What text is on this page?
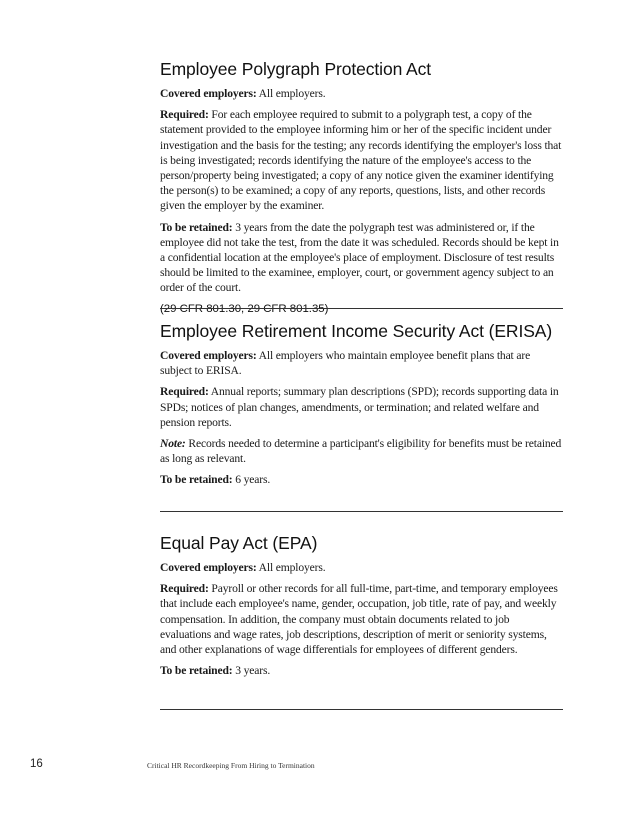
Employee Polygraph Protection Act

Covered employers: All employers.

Required: For each employee required to submit to a polygraph test, a copy of the statement provided to the employee informing him or her of the specific incident under investigation and the basis for the testing; any records identifying the employer's loss that is being investigated; records identifying the nature of the employee's access to the person/property being investigated; a copy of any notice given the examiner identifying the person(s) to be examined; a copy of any reports, questions, lists, and other records given the employer by the examiner.

To be retained: 3 years from the date the polygraph test was administered or, if the employee did not take the test, from the date it was scheduled. Records should be kept in a confidential location at the employee's place of employment. Disclosure of test results should be limited to the examinee, employer, court, or government agency subject to an order of the court.

(29 CFR 801.30, 29 CFR 801.35)

Employee Retirement Income Security Act (ERISA)

Covered employers: All employers who maintain employee benefit plans that are subject to ERISA.

Required: Annual reports; summary plan descriptions (SPD); records supporting data in SPDs; notices of plan changes, amendments, or termination; and related welfare and pension reports.

Note: Records needed to determine a participant's eligibility for benefits must be retained as long as relevant.

To be retained: 6 years.

Equal Pay Act (EPA)

Covered employers: All employers.

Required: Payroll or other records for all full-time, part-time, and temporary employees that include each employee's name, gender, occupation, job title, rate of pay, and weekly compensation. In addition, the company must obtain documents related to job evaluations and wage rates, job descriptions, description of merit or seniority systems, and other explanations of wage differentials for employees of different genders.

To be retained: 3 years.

16	Critical HR Recordkeeping From Hiring to Termination
